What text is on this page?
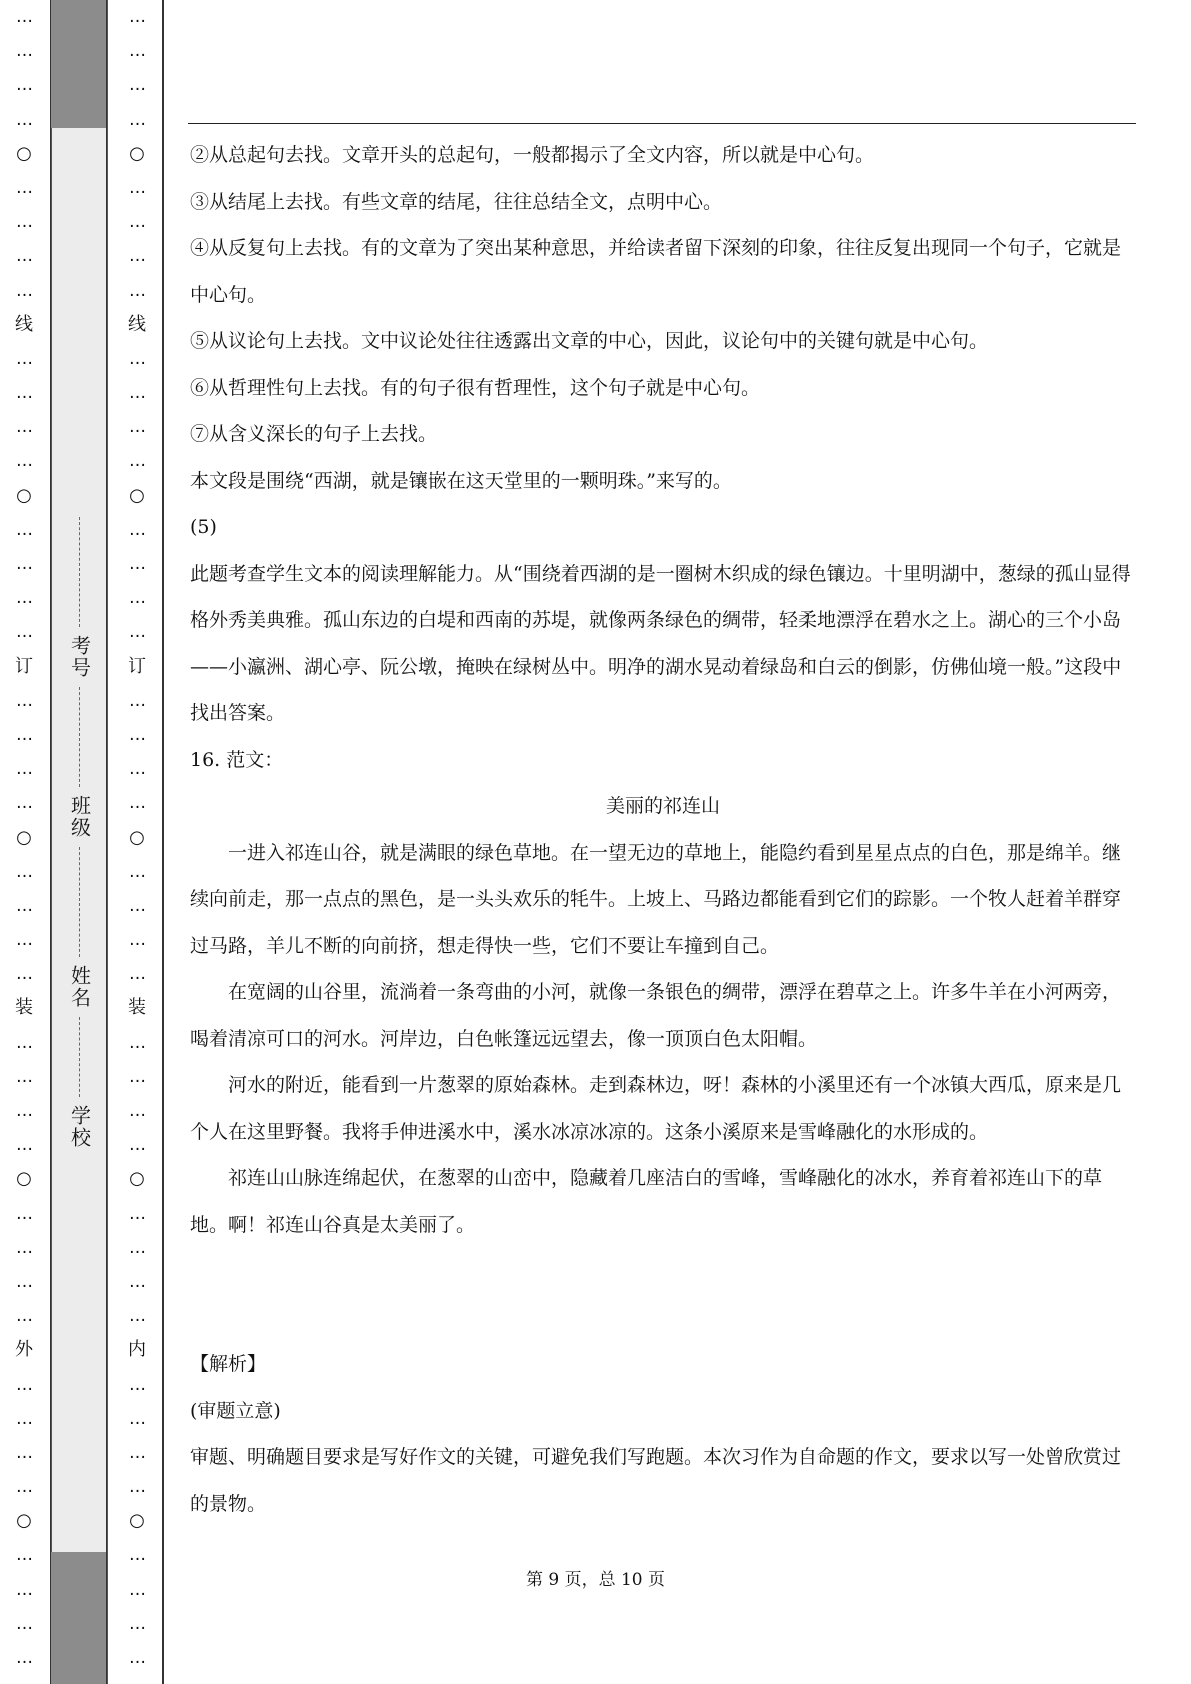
…
…
…
…
○
…
…
…
…
线
…
…
…
…
○
…
…
…
…
订
…
…
…
…
○
…
…
…
…
装
…
…
…
…
○
…
…
…
…
外
…
…
…
…
○
…
…
…
…
…
…
…
…
○
…
…
…
…
线
…
…
…
…
○
…
…
…
…
订
…
…
…
…
○
…
…
…
…
装
…
…
…
…
○
…
…
…
…
内
…
…
…
…
○
…
…
…
…
考号
班级
姓名
学校

②从总起句去找。文章开头的总起句，一般都揭示了全文内容，所以就是中心句。

③从结尾上去找。有些文章的结尾，往往总结全文，点明中心。

④从反复句上去找。有的文章为了突出某种意思，并给读者留下深刻的印象，往往反复出现同一个句子，它就是中心句。

⑤从议论句上去找。文中议论处往往透露出文章的中心，因此，议论句中的关键句就是中心句。

⑥从哲理性句上去找。有的句子很有哲理性，这个句子就是中心句。

⑦从含义深长的句子上去找。

本文段是围绕“西湖，就是镶嵌在这天堂里的一颗明珠。”来写的。

(5)

此题考查学生文本的阅读理解能力。从“围绕着西湖的是一圈树木织成的绿色镶边。十里明湖中，葱绿的孤山显得格外秀美典雅。孤山东边的白堤和西南的苏堤，就像两条绿色的绸带，轻柔地漂浮在碧水之上。湖心的三个小岛——小瀛洲、湖心亭、阮公墩，掩映在绿树丛中。明净的湖水晃动着绿岛和白云的倒影，仿佛仙境一般。”这段中找出答案。

16. 范文：

美丽的祁连山

一进入祁连山谷，就是满眼的绿色草地。在一望无边的草地上，能隐约看到星星点点的白色，那是绵羊。继续向前走，那一点点的黑色，是一头头欢乐的牦牛。上坡上、马路边都能看到它们的踪影。一个牧人赶着羊群穿过马路，羊儿不断的向前挤，想走得快一些，它们不要让车撞到自己。

在宽阔的山谷里，流淌着一条弯曲的小河，就像一条银色的绸带，漂浮在碧草之上。许多牛羊在小河两旁，喝着清凉可口的河水。河岸边，白色帐篷远远望去，像一顶顶白色太阳帽。

河水的附近，能看到一片葱翠的原始森林。走到森林边，呀！森林的小溪里还有一个冰镇大西瓜，原来是几个人在这里野餐。我将手伸进溪水中，溪水冰凉冰凉的。这条小溪原来是雪峰融化的水形成的。

祁连山山脉连绵起伏，在葱翠的山峦中，隐藏着几座洁白的雪峰，雪峰融化的冰水，养育着祁连山下的草地。啊！祁连山谷真是太美丽了。

【解析】

(审题立意)

审题、明确题目要求是写好作文的关键，可避免我们写跑题。本次习作为自命题的作文，要求以写一处曾欣赏过的景物。

第 9 页，总 10 页
